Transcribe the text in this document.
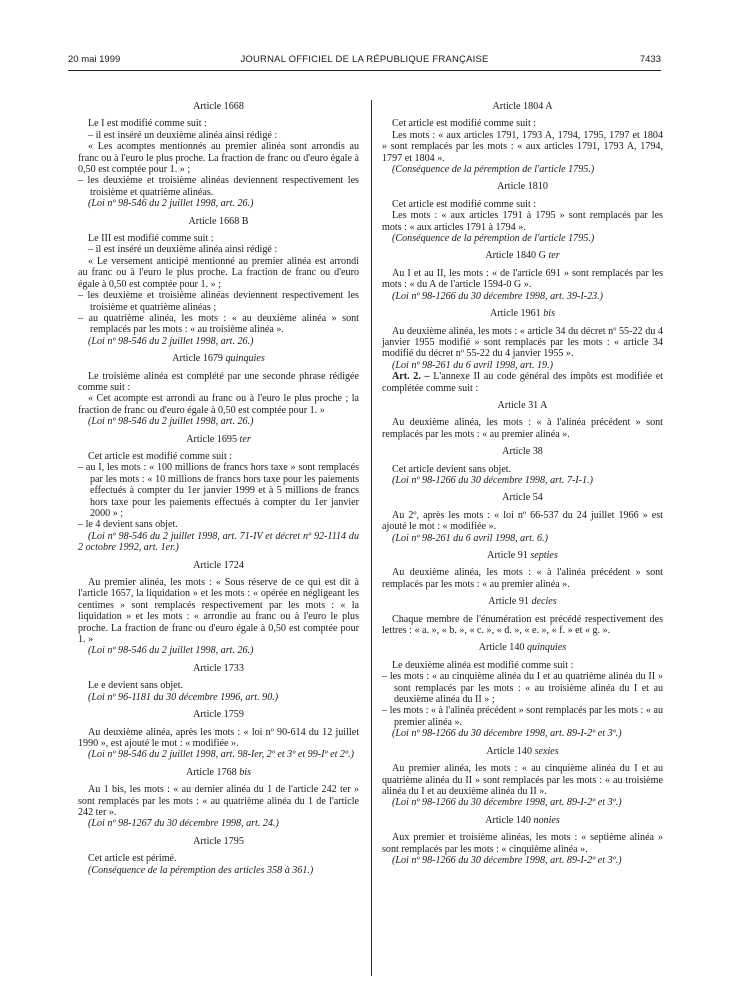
20 mai 1999	JOURNAL OFFICIEL DE LA RÉPUBLIQUE FRANÇAISE	7433
Article 1668

Le I est modifié comme suit :

– il est inséré un deuxième alinéa ainsi rédigé :

« Les acomptes mentionnés au premier alinéa sont arrondis au franc ou à l'euro le plus proche. La fraction de franc ou d'euro égale à 0,50 est comptée pour 1. » ;

– les deuxième et troisième alinéas deviennent respectivement les troisième et quatrième alinéas.

(Loi nº 98-546 du 2 juillet 1998, art. 26.)

Article 1668 B

Le III est modifié comme suit :

– il est inséré un deuxième alinéa ainsi rédigé :

« Le versement anticipé mentionné au premier alinéa est arrondi au franc ou à l'euro le plus proche. La fraction de franc ou d'euro égale à 0,50 est comptée pour 1. » ;

– les deuxième et troisième alinéas deviennent respectivement les troisième et quatrième alinéas ;

– au quatrième alinéa, les mots : « au deuxième alinéa » sont remplacés par les mots : « au troisième alinéa ».

(Loi nº 98-546 du 2 juillet 1998, art. 26.)

Article 1679 quinquies

Le troisième alinéa est complété par une seconde phrase rédigée comme suit :

« Cet acompte est arrondi au franc ou à l'euro le plus proche ; la fraction de franc ou d'euro égale à 0,50 est comptée pour 1. »

(Loi nº 98-546 du 2 juillet 1998, art. 26.)

Article 1695 ter

Cet article est modifié comme suit :

– au I, les mots : « 100 millions de francs hors taxe » sont remplacés par les mots : « 10 millions de francs hors taxe pour les paiements effectués à compter du 1er janvier 1999 et à 5 millions de francs hors taxe pour les paiements effectués à compter du 1er janvier 2000 » ;

– le 4 devient sans objet.

(Loi nº 98-546 du 2 juillet 1998, art. 71-IV et décret nº 92-1114 du 2 octobre 1992, art. 1er.)

Article 1724

Au premier alinéa, les mots : « Sous réserve de ce qui est dit à l'article 1657, la liquidation » et les mots : « opérée en négligeant les centimes » sont remplacés respectivement par les mots : « la liquidation » et les mots : « arrondie au franc ou à l'euro le plus proche. La fraction de franc ou d'euro égale à 0,50 est comptée pour 1. »

(Loi nº 98-546 du 2 juillet 1998, art. 26.)

Article 1733

Le e devient sans objet.

(Loi nº 96-1181 du 30 décembre 1996, art. 90.)

Article 1759

Au deuxième alinéa, après les mots : « loi nº 90-614 du 12 juillet 1990 », est ajouté le mot : « modifiée ».

(Loi nº 98-546 du 2 juillet 1998, art. 98-Ier, 2º et 3º et 99-Iº et 2º.)

Article 1768 bis

Au 1 bis, les mots : « au dernier alinéa du 1 de l'article 242 ter » sont remplacés par les mots : « au quatrième alinéa du 1 de l'article 242 ter ».

(Loi nº 98-1267 du 30 décembre 1998, art. 24.)

Article 1795

Cet article est périmé.

(Conséquence de la péremption des articles 358 à 361.)

Article 1804 A

Cet article est modifié comme suit :

Les mots : « aux articles 1791, 1793 A, 1794, 1795, 1797 et 1804 » sont remplacés par les mots : « aux articles 1791, 1793 A, 1794, 1797 et 1804 ».

(Conséquence de la péremption de l'article 1795.)

Article 1810

Cet article est modifié comme suit :

Les mots : « aux articles 1791 à 1795 » sont remplacés par les mots : « aux articles 1791 à 1794 ».

(Conséquence de la péremption de l'article 1795.)

Article 1840 G ter

Au I et au II, les mots : « de l'article 691 » sont remplacés par les mots : « du A de l'article 1594-0 G ».

(Loi nº 98-1266 du 30 décembre 1998, art. 39-I-23.)

Article 1961 bis

Au deuxième alinéa, les mots : « article 34 du décret nº 55-22 du 4 janvier 1955 modifié » sont remplacés par les mots : « article 34 modifié du décret nº 55-22 du 4 janvier 1955 ».

(Loi nº 98-261 du 6 avril 1998, art. 19.)

Art. 2. – L'annexe II au code général des impôts est modifiée et complétée comme suit :

Article 31 A

Au deuxième alinéa, les mots : « à l'alinéa précédent » sont remplacés par les mots : « au premier alinéa ».

Article 38

Cet article devient sans objet.

(Loi nº 98-1266 du 30 décembre 1998, art. 7-I-1.)

Article 54

Au 2º, après les mots : « loi nº 66-537 du 24 juillet 1966 » est ajouté le mot : « modifiée ».

(Loi nº 98-261 du 6 avril 1998, art. 6.)

Article 91 septies

Au deuxième alinéa, les mots : « à l'alinéa précédent » sont remplacés par les mots : « au premier alinéa ».

Article 91 decies

Chaque membre de l'énumération est précédé respectivement des lettres : « a. », « b. », « c. », « d. », « e. », « f. » et « g. ».

Article 140 quinquies

Le deuxième alinéa est modifié comme suit :

– les mots : « au cinquième alinéa du I et au quatrième alinéa du II » sont remplacés par les mots : « au troisième alinéa du I et au deuxième alinéa du II » ;

– les mots : « à l'alinéa précédent » sont remplacés par les mots : « au premier alinéa ».

(Loi nº 98-1266 du 30 décembre 1998, art. 89-I-2º et 3º.)

Article 140 sexies

Au premier alinéa, les mots : « au cinquième alinéa du I et au quatrième alinéa du II » sont remplacés par les mots : « au troisième alinéa du I et au deuxième alinéa du II ».

(Loi nº 98-1266 du 30 décembre 1998, art. 89-I-2º et 3º.)

Article 140 nonies

Aux premier et troisième alinéas, les mots : « septième alinéa » sont remplacés par les mots : « cinquième alinéa ».

(Loi nº 98-1266 du 30 décembre 1998, art. 89-I-2º et 3º.)
